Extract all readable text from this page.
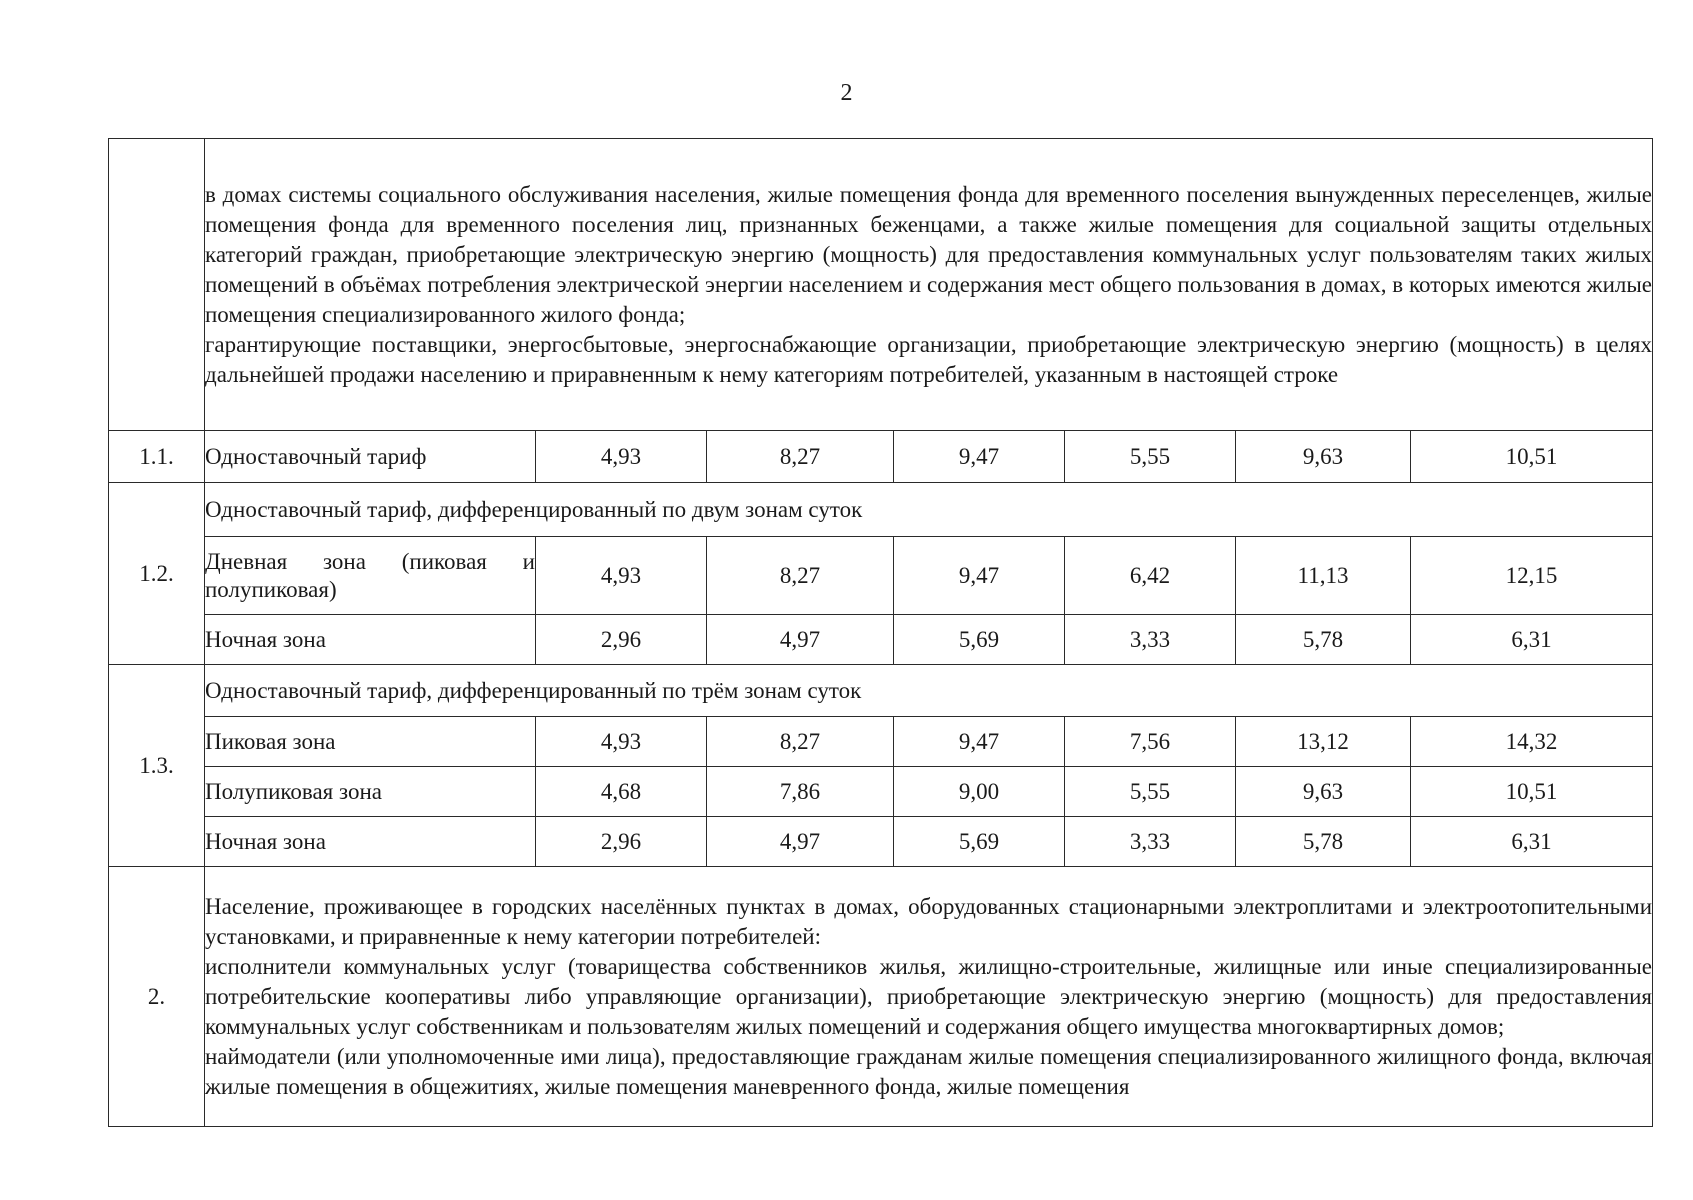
2

	в домах системы социального обслуживания населения, жилые помещения фонда для временного поселения вынужденных переселенцев, жилые помещения фонда для временного поселения лиц, признанных беженцами, а также жилые помещения для социальной защиты отдельных категорий граждан, приобретающие электрическую энергию (мощность) для предоставления коммунальных услуг пользователям таких жилых помещений в объёмах потребления электрической энергии населением и содержания мест общего пользования в домах, в которых имеются жилые помещения специализированного жилого фонда;

гарантирующие поставщики, энергосбытовые, энергоснабжающие организации, приобретающие электрическую энергию (мощность) в целях дальнейшей продажи населению и приравненным к нему категориям потребителей, указанным в настоящей строке						

1.1.	Одноставочный тариф	4,93	8,27	9,47	5,55	9,63	10,51
1.2.	Одноставочный тариф, дифференцированный по двум зонам суток						
	Дневная зона (пиковая и полупиковая)	4,93	8,27	9,47	6,42	11,13	12,15
	Ночная зона	2,96	4,97	5,69	3,33	5,78	6,31
1.3.	Одноставочный тариф, дифференцированный по трём зонам суток						
	Пиковая зона	4,93	8,27	9,47	7,56	13,12	14,32
	Полупиковая зона	4,68	7,86	9,00	5,55	9,63	10,51
	Ночная зона	2,96	4,97	5,69	3,33	5,78	6,31
2.	Население, проживающее в городских населённых пунктах в домах, оборудованных стационарными электроплитами и электроотопительными установками, и приравненные к нему категории потребителей:

исполнители коммунальных услуг (товарищества собственников жилья, жилищно-строительные, жилищные или иные специализированные потребительские кооперативы либо управляющие организации), приобретающие электрическую энергию (мощность) для предоставления коммунальных услуг собственникам и пользователям жилых помещений и содержания общего имущества многоквартирных домов;

наймодатели (или уполномоченные ими лица), предоставляющие гражданам жилые помещения специализированного жилищного фонда, включая жилые помещения в общежитиях, жилые помещения маневренного фонда, жилые помещения						
